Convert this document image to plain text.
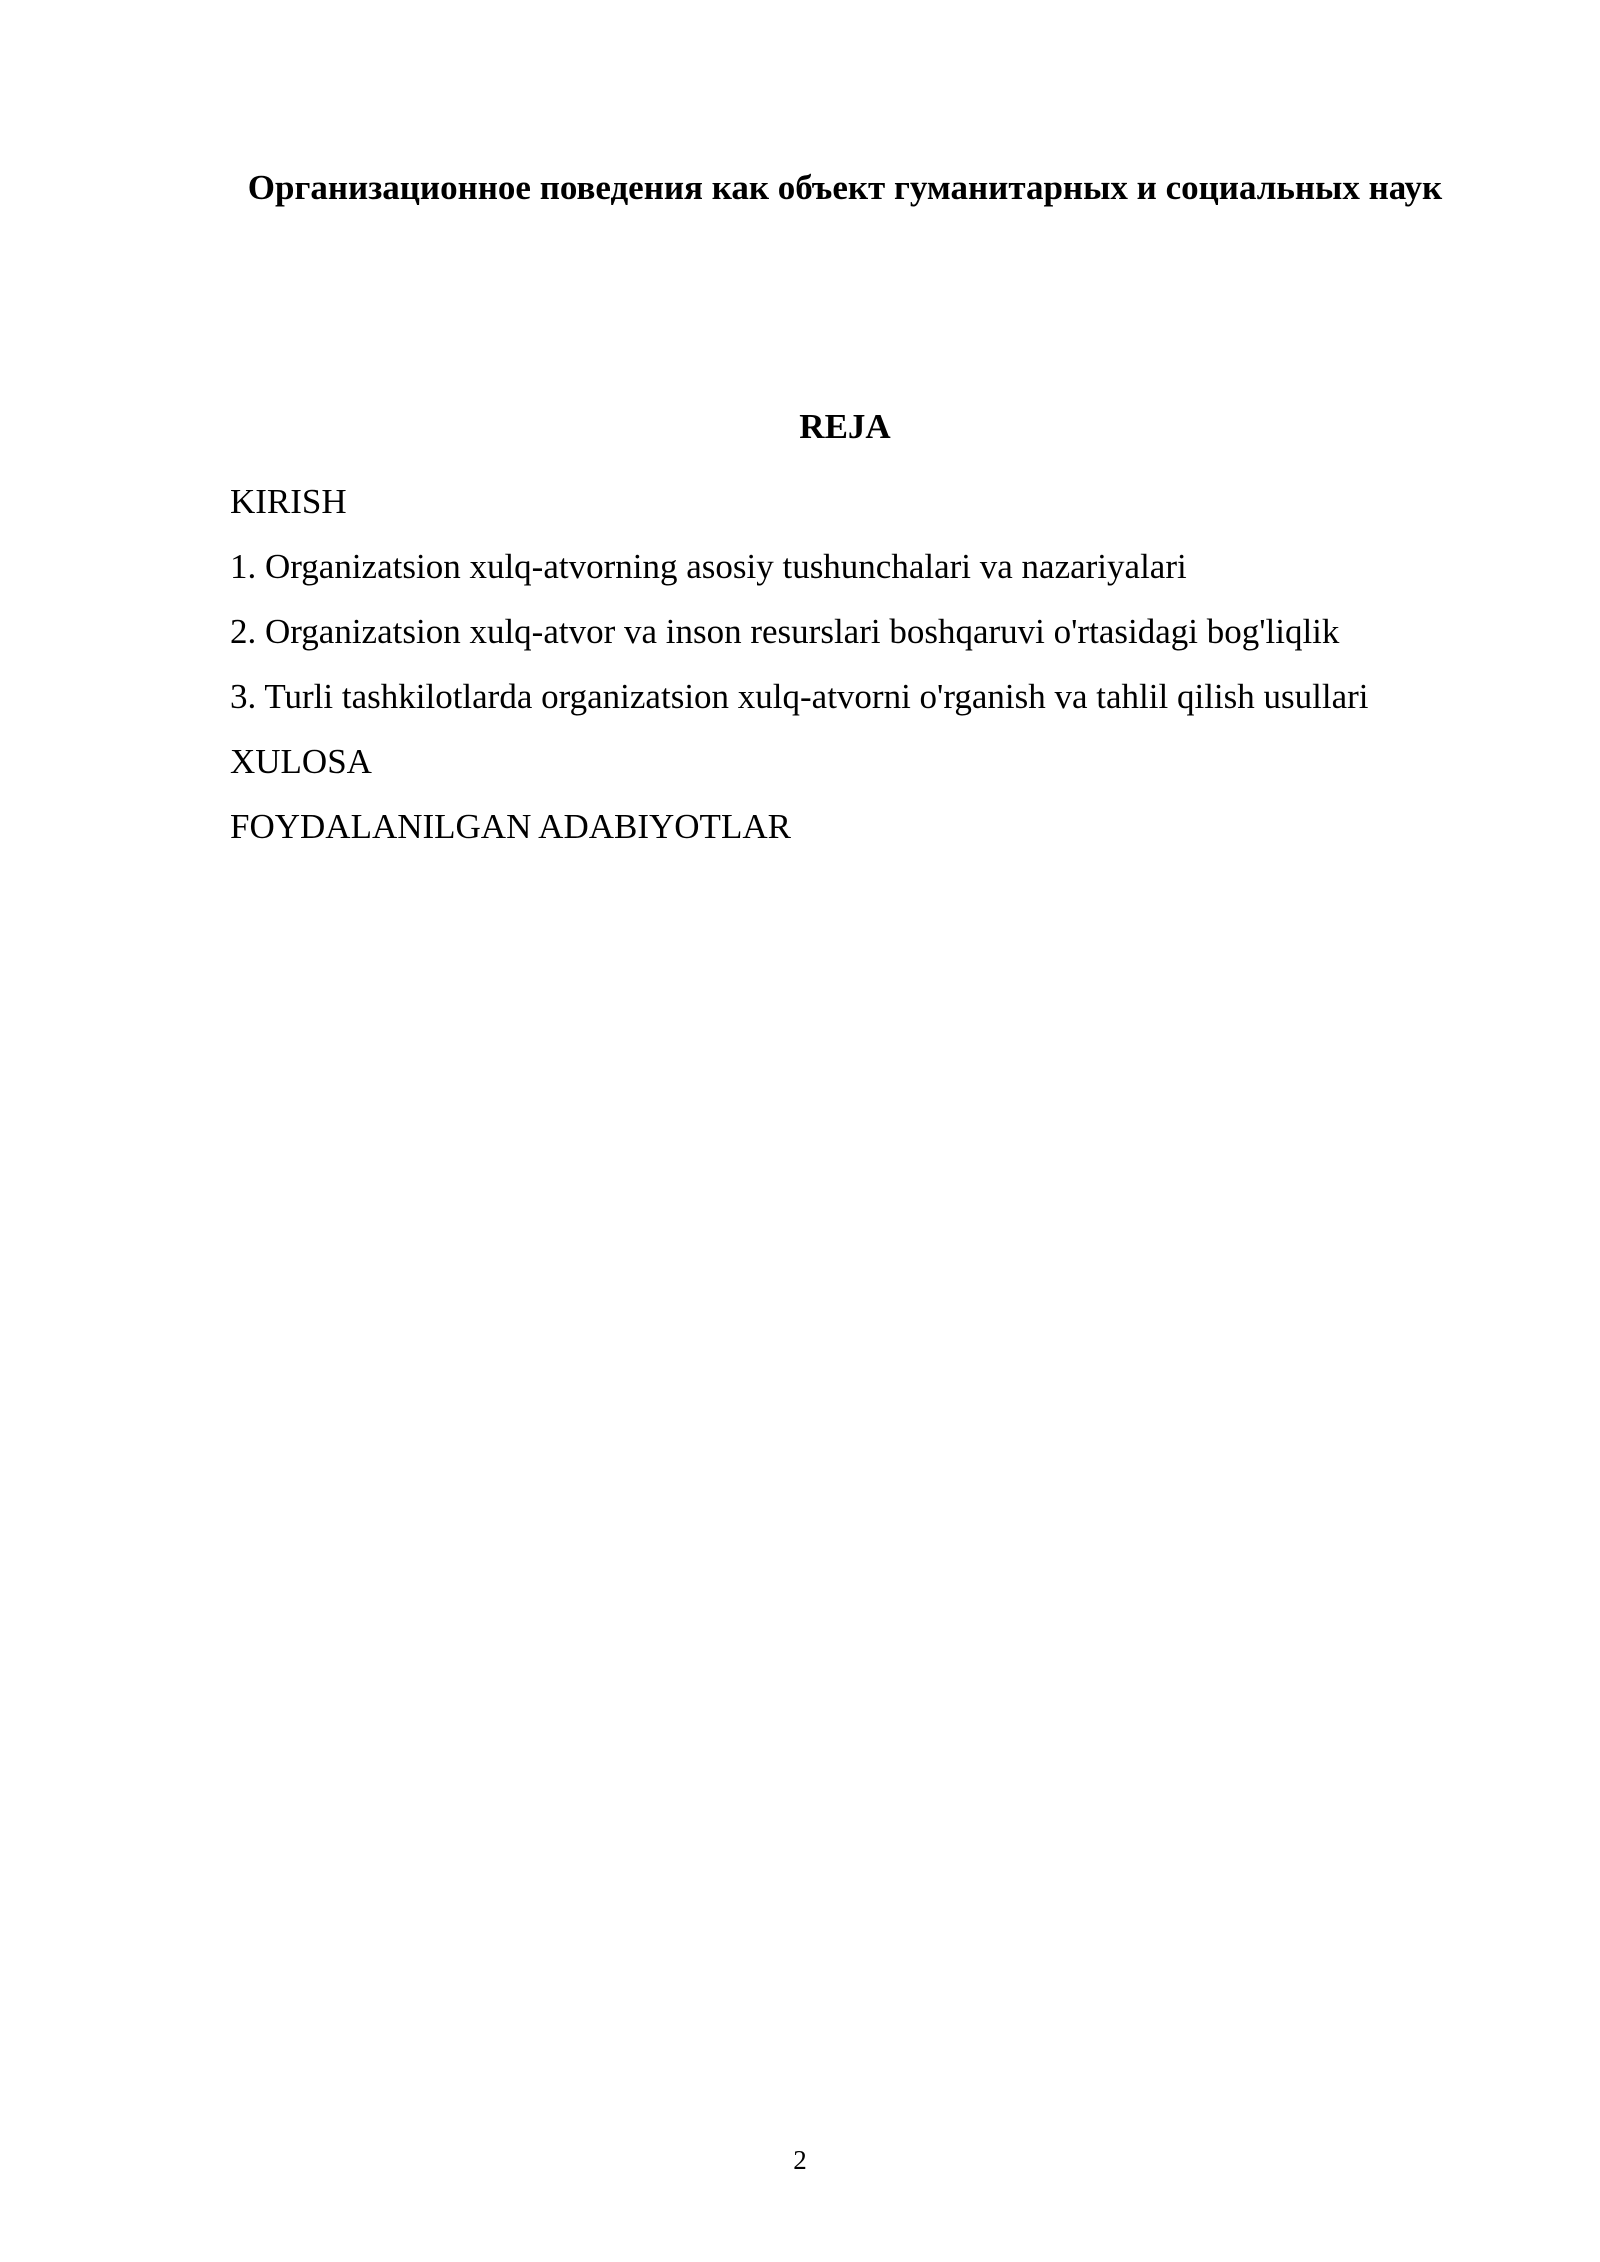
Организационное поведения как объект гуманитарных и социальных наук
REJA
KIRISH
1. Organizatsion xulq-atvorning asosiy tushunchalari va nazariyalari
2. Organizatsion xulq-atvor va inson resurslari boshqaruvi o'rtasidagi bog'liqlik
3. Turli tashkilotlarda organizatsion xulq-atvorni o'rganish va tahlil qilish usullari
XULOSA
FOYDALANILGAN ADABIYOTLAR
2
